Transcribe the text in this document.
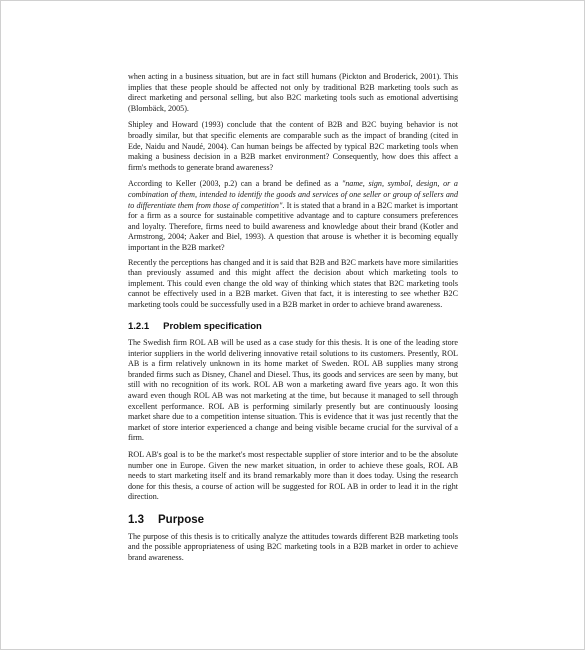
when acting in a business situation, but are in fact still humans (Pickton and Broderick, 2001). This implies that these people should be affected not only by traditional B2B marketing tools such as direct marketing and personal selling, but also B2C marketing tools such as emotional advertising (Blombäck, 2005).

Shipley and Howard (1993) conclude that the content of B2B and B2C buying behavior is not broadly similar, but that specific elements are comparable such as the impact of branding (cited in Ede, Naidu and Naudé, 2004). Can human beings be affected by typical B2C marketing tools when making a business decision in a B2B market environment? Consequently, how does this affect a firm's methods to generate brand awareness?

According to Keller (2003, p.2) can a brand be defined as a "name, sign, symbol, design, or a combination of them, intended to identify the goods and services of one seller or group of sellers and to differentiate them from those of competition". It is stated that a brand in a B2C market is important for a firm as a source for sustainable competitive advantage and to capture consumers preferences and loyalty. Therefore, firms need to build awareness and knowledge about their brand (Kotler and Armstrong, 2004; Aaker and Biel, 1993). A question that arouse is whether it is becoming equally important in the B2B market?

Recently the perceptions has changed and it is said that B2B and B2C markets have more similarities than previously assumed and this might affect the decision about which marketing tools to implement. This could even change the old way of thinking which states that B2C marketing tools cannot be effectively used in a B2B market. Given that fact, it is interesting to see whether B2C marketing tools could be successfully used in a B2B market in order to achieve brand awareness.

1.2.1 Problem specification

The Swedish firm ROL AB will be used as a case study for this thesis. It is one of the leading store interior suppliers in the world delivering innovative retail solutions to its customers. Presently, ROL AB is a firm relatively unknown in its home market of Sweden. ROL AB supplies many strong branded firms such as Disney, Chanel and Diesel. Thus, its goods and services are seen by many, but still with no recognition of its work. ROL AB won a marketing award five years ago. It won this award even though ROL AB was not marketing at the time, but because it managed to sell through excellent performance. ROL AB is performing similarly presently but are continuously loosing market share due to a competition intense situation. This is evidence that it was just recently that the market of store interior experienced a change and being visible became crucial for the survival of a firm.

ROL AB's goal is to be the market's most respectable supplier of store interior and to be the absolute number one in Europe. Given the new market situation, in order to achieve these goals, ROL AB needs to start marketing itself and its brand remarkably more than it does today. Using the research done for this thesis, a course of action will be suggested for ROL AB in order to lead it in the right direction.

1.3 Purpose

The purpose of this thesis is to critically analyze the attitudes towards different B2B marketing tools and the possible appropriateness of using B2C marketing tools in a B2B market in order to achieve brand awareness.
